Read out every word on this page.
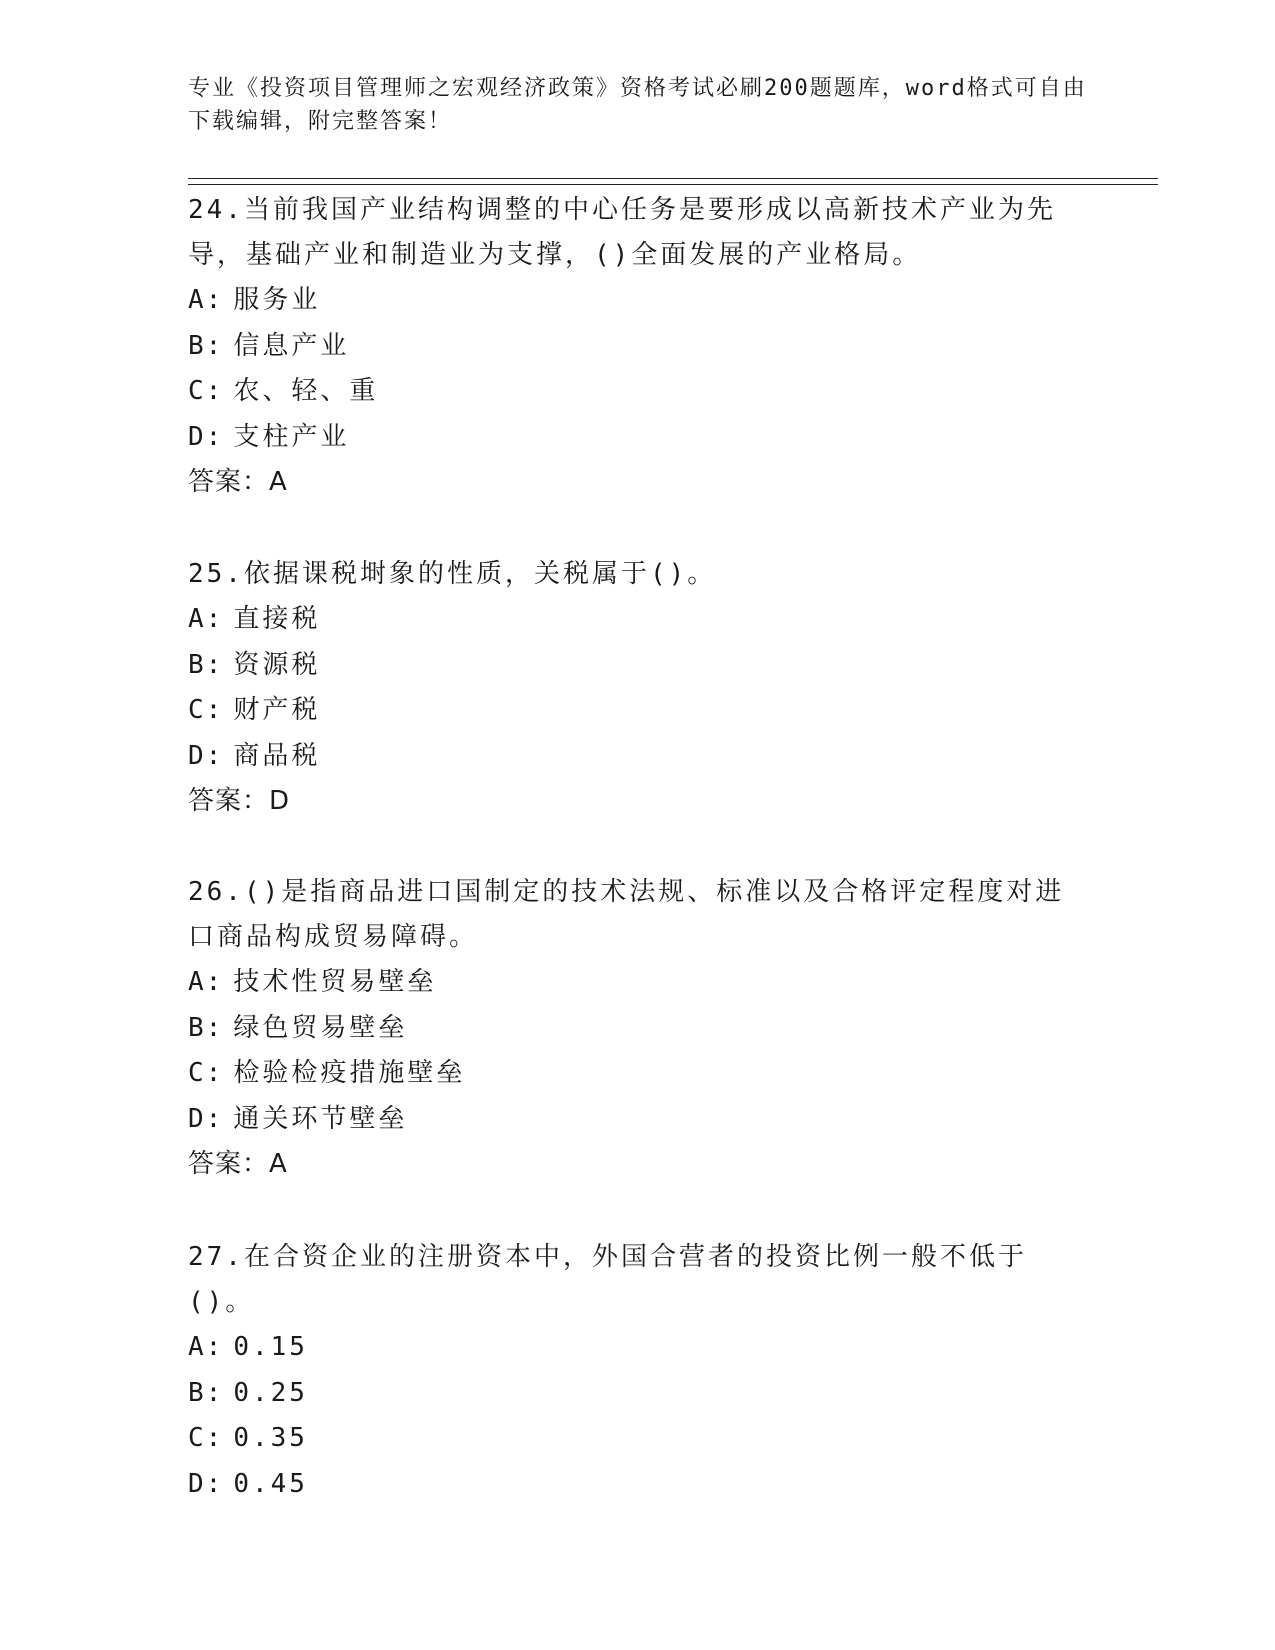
专业《投资项目管理师之宏观经济政策》资格考试必刷200题题库，word格式可自由下载编辑，附完整答案！
24.当前我国产业结构调整的中心任务是要形成以高新技术产业为先导，基础产业和制造业为支撑，()全面发展的产业格局。
A: 服务业
B: 信息产业
C: 农、轻、重
D: 支柱产业
答案：A
25.依据课税埘象的性质，关税属于()。
A: 直接税
B: 资源税
C: 财产税
D: 商品税
答案：D
26.()是指商品进口国制定的技术法规、标准以及合格评定程度对进口商品构成贸易障碍。
A: 技术性贸易壁垒
B: 绿色贸易壁垒
C: 检验检疫措施壁垒
D: 通关环节壁垒
答案：A
27.在合资企业的注册资本中，外国合营者的投资比例一般不低于()。
A: 0.15
B: 0.25
C: 0.35
D: 0.45
